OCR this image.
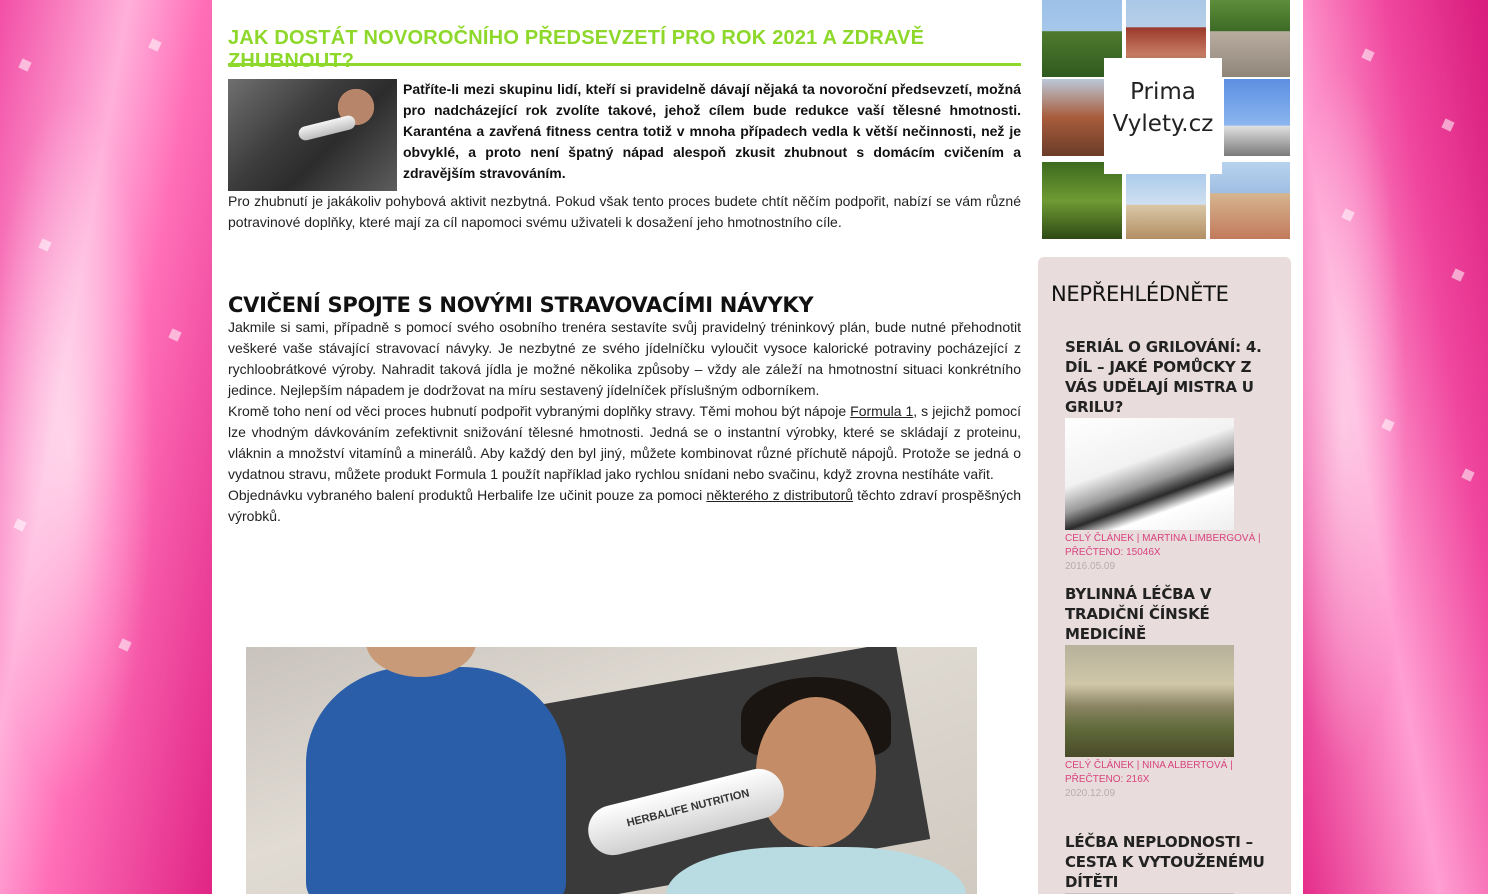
JAK DOSTÁT NOVOROČNÍHO PŘEDSEVZETÍ PRO ROK 2021 A ZDRAVĚ ZHUBNOUT?
Patříte-li mezi skupinu lidí, kteří si pravidelně dávají nějaká ta novoroční předsevzetí, možná pro nadcházející rok zvolíte takové, jehož cílem bude redukce vaší tělesné hmotnosti. Karanténa a zavřená fitness centra totiž v mnoha případech vedla k větší nečinnosti, než je obvyklé, a proto není špatný nápad alespoň zkusit zhubnout s domácím cvičením a zdravějším stravováním.

Pro zhubnutí je jakákoliv pohybová aktivit nezbytná. Pokud však tento proces budete chtít něčím podpořit, nabízí se vám různé potravinové doplňky, které mají za cíl napomoci svému uživateli k dosažení jeho hmotnostního cíle.

CVIČENÍ SPOJTE S NOVÝMI STRAVOVACÍMI NÁVYKY

Jakmile si sami, případně s pomocí svého osobního trenéra sestavíte svůj pravidelný tréninkový plán, bude nutné přehodnotit veškeré vaše stávající stravovací návyky. Je nezbytné ze svého jídelníčku vyloučit vysoce kalorické potraviny pocházející z rychloobrátkové výroby. Nahradit taková jídla je možné několika způsoby – vždy ale záleží na hmotnostní situaci konkrétního jedince. Nejlepším nápadem je dodržovat na míru sestavený jídelníček příslušným odborníkem.

Kromě toho není od věci proces hubnutí podpořit vybranými doplňky stravy. Těmi mohou být nápoje Formula 1, s jejichž pomocí lze vhodným dávkováním zefektivnit snižování tělesné hmotnosti. Jedná se o instantní výrobky, které se skládají z proteinu, vláknin a množství vitamínů a minerálů. Aby každý den byl jiný, můžete kombinovat různé příchutě nápojů. Protože se jedná o vydatnou stravu, můžete produkt Formula 1 použít například jako rychlou snídani nebo svačinu, když zrovna nestíháte vařit.

Objednávku vybraného balení produktů Herbalife lze učinit pouze za pomoci některého z distributorů těchto zdraví prospěšných výrobků.

HERBALIFE NUTRITION
Prima
Vylety.cz
NEPŘEHLÉDNĚTE
SERIÁL O GRILOVÁNÍ: 4. DÍL – JAKÉ POMŮCKY Z VÁS UDĚLAJÍ MISTRA U GRILU?
CELÝ ČLÁNEK | MARTINA LIMBERGOVÁ | PŘEČTENO: 15046X
2016.05.09
BYLINNÁ LÉČBA V TRADIČNÍ ČÍNSKÉ MEDICÍNĚ
CELÝ ČLÁNEK | NINA ALBERTOVÁ | PŘEČTENO: 216X
2020.12.09
LÉČBA NEPLODNOSTI – CESTA K VYTOUŽENÉMU DÍTĚTI
